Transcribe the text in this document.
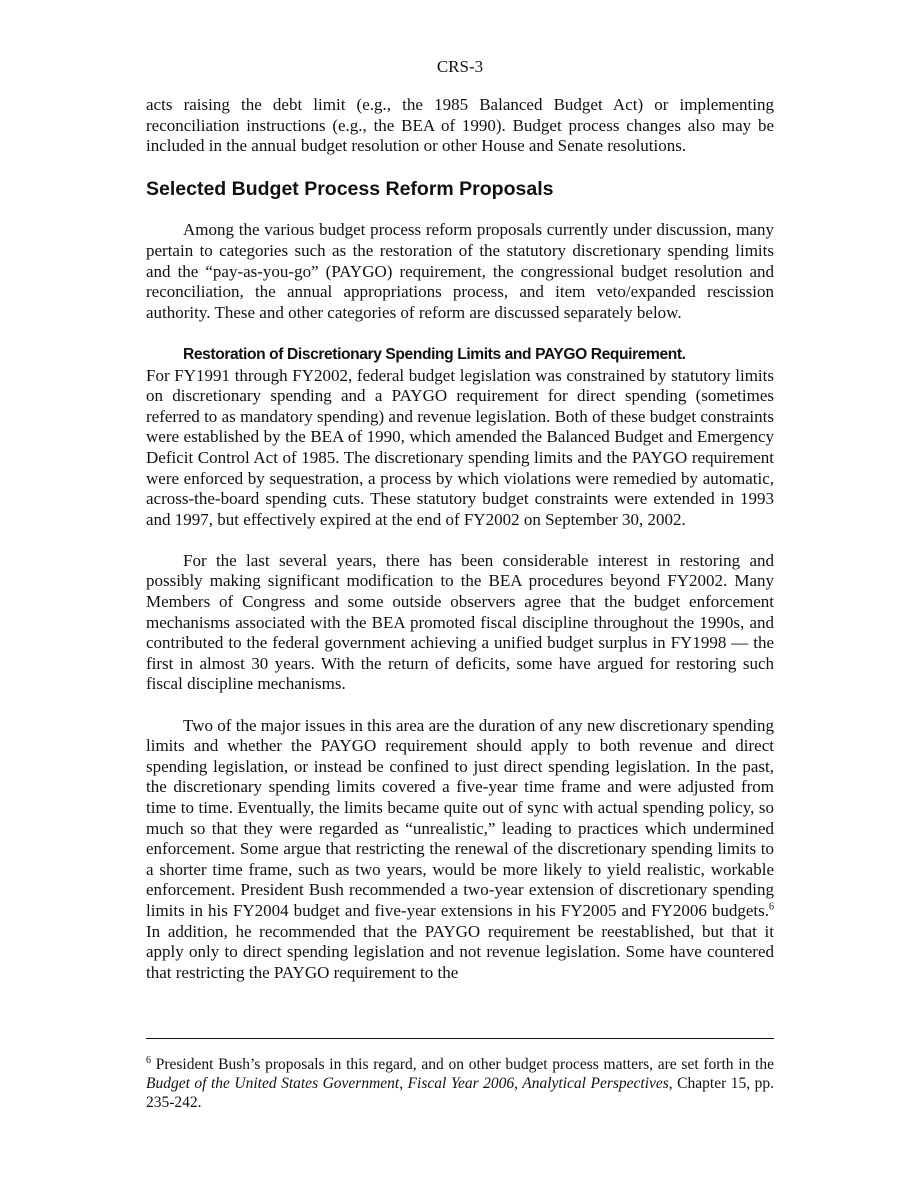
CRS-3

acts raising the debt limit (e.g., the 1985 Balanced Budget Act) or implementing reconciliation instructions (e.g., the BEA of 1990). Budget process changes also may be included in the annual budget resolution or other House and Senate resolutions.

Selected Budget Process Reform Proposals

Among the various budget process reform proposals currently under discussion, many pertain to categories such as the restoration of the statutory discretionary spending limits and the “pay-as-you-go” (PAYGO) requirement, the congressional budget resolution and reconciliation, the annual appropriations process, and item veto/expanded rescission authority. These and other categories of reform are discussed separately below.

Restoration of Discretionary Spending Limits and PAYGO Requirement.
For FY1991 through FY2002, federal budget legislation was constrained by statutory limits on discretionary spending and a PAYGO requirement for direct spending (sometimes referred to as mandatory spending) and revenue legislation. Both of these budget constraints were established by the BEA of 1990, which amended the Balanced Budget and Emergency Deficit Control Act of 1985. The discretionary spending limits and the PAYGO requirement were enforced by sequestration, a process by which violations were remedied by automatic, across-the-board spending cuts. These statutory budget constraints were extended in 1993 and 1997, but effectively expired at the end of FY2002 on September 30, 2002.

For the last several years, there has been considerable interest in restoring and possibly making significant modification to the BEA procedures beyond FY2002. Many Members of Congress and some outside observers agree that the budget enforcement mechanisms associated with the BEA promoted fiscal discipline throughout the 1990s, and contributed to the federal government achieving a unified budget surplus in FY1998 — the first in almost 30 years. With the return of deficits, some have argued for restoring such fiscal discipline mechanisms.

Two of the major issues in this area are the duration of any new discretionary spending limits and whether the PAYGO requirement should apply to both revenue and direct spending legislation, or instead be confined to just direct spending legislation. In the past, the discretionary spending limits covered a five-year time frame and were adjusted from time to time. Eventually, the limits became quite out of sync with actual spending policy, so much so that they were regarded as “unrealistic,” leading to practices which undermined enforcement. Some argue that restricting the renewal of the discretionary spending limits to a shorter time frame, such as two years, would be more likely to yield realistic, workable enforcement. President Bush recommended a two-year extension of discretionary spending limits in his FY2004 budget and five-year extensions in his FY2005 and FY2006 budgets.$^6$ In addition, he recommended that the PAYGO requirement be reestablished, but that it apply only to direct spending legislation and not revenue legislation. Some have countered that restricting the PAYGO requirement to the

$^6$ President Bush’s proposals in this regard, and on other budget process matters, are set forth in the Budget of the United States Government, Fiscal Year 2006, Analytical Perspectives, Chapter 15, pp. 235-242.
